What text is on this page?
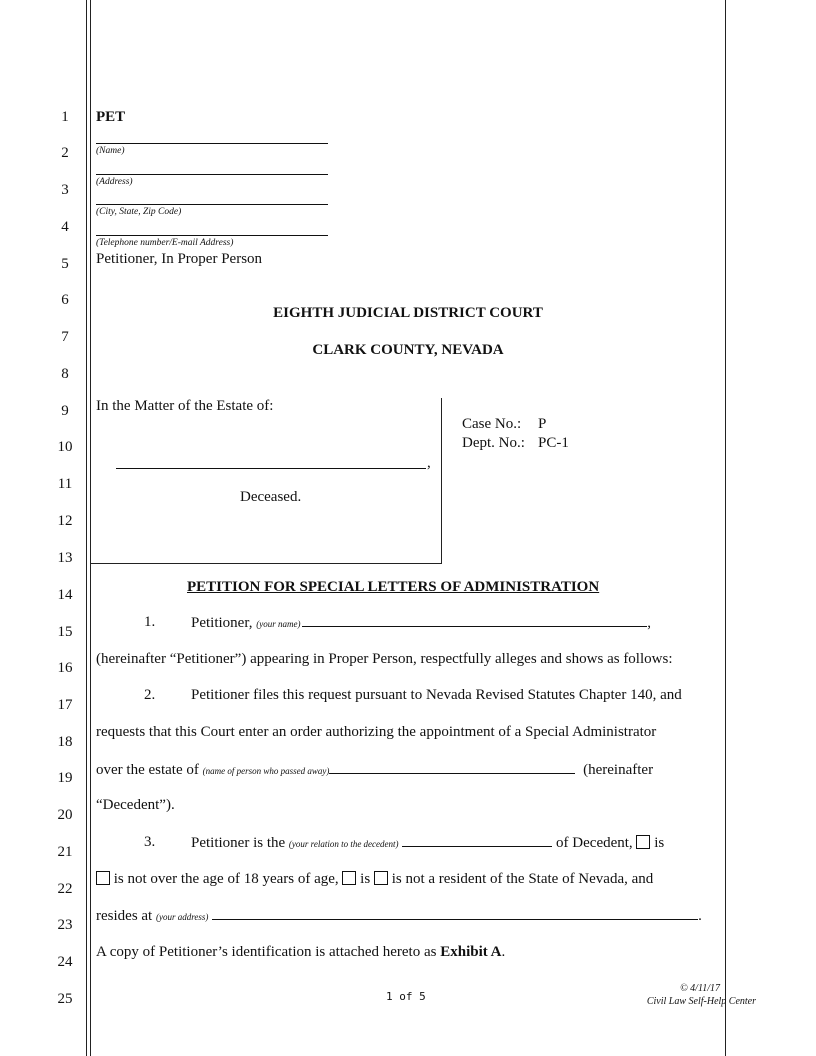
1
2
3
4
5
6
7
8
9
10
11
12
13
14
15
16
17
18
19
20
21
22
23
24
25
PET
(Name)
(Address)
(City, State, Zip Code)
(Telephone number/E-mail Address)
Petitioner, In Proper Person
EIGHTH JUDICIAL DISTRICT COURT
CLARK COUNTY, NEVADA
In the Matter of the Estate of:
,
Deceased.
Case No.: P
Dept. No.: PC-1
PETITION FOR SPECIAL LETTERS OF ADMINISTRATION
1. Petitioner, (your name)	,
(hereinafter “Petitioner”) appearing in Proper Person, respectfully alleges and shows as follows:
2. Petitioner files this request pursuant to Nevada Revised Statutes Chapter 140, and
requests that this Court enter an order authorizing the appointment of a Special Administrator
over the estate of (name of person who passed away)	(hereinafter
“Decedent”).
3. Petitioner is the (your relation to the decedent)	of Decedent, is
is not over the age of 18 years of age, is is not a resident of the State of Nevada, and
resides at (your address)	.
A copy of Petitioner’s identification is attached hereto as Exhibit A.
1 of 5
© 4/11/17
Civil Law Self-Help Center
